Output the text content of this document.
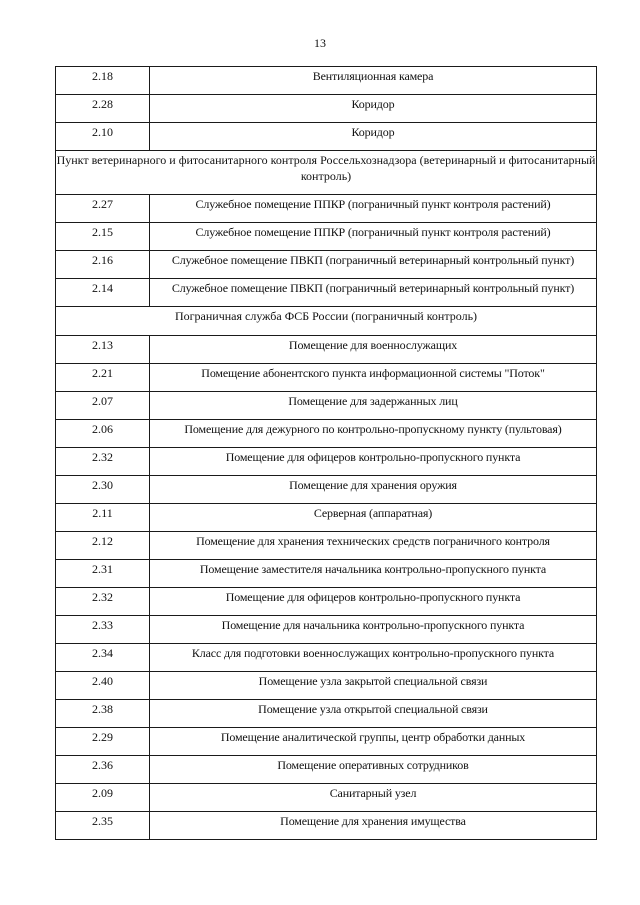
13
2.18	Вентиляционная камера
2.28	Коридор
2.10	Коридор
Пункт ветеринарного и фитосанитарного контроля Россельхознадзора (ветеринарный и фитосанитарный контроль)	
2.27	Служебное помещение ППКР (пограничный пункт контроля растений)
2.15	Служебное помещение ППКР (пограничный пункт контроля растений)
2.16	Служебное помещение ПВКП (пограничный ветеринарный контрольный пункт)
2.14	Служебное помещение ПВКП (пограничный ветеринарный контрольный пункт)
Пограничная служба ФСБ России (пограничный контроль)	
2.13	Помещение для военнослужащих
2.21	Помещение абонентского пункта информационной системы "Поток"
2.07	Помещение для задержанных лиц
2.06	Помещение для дежурного по контрольно-пропускному пункту (пультовая)
2.32	Помещение для офицеров контрольно-пропускного пункта
2.30	Помещение для хранения оружия
2.11	Серверная (аппаратная)
2.12	Помещение для хранения технических средств пограничного контроля
2.31	Помещение заместителя начальника контрольно-пропускного пункта
2.32	Помещение для офицеров контрольно-пропускного пункта
2.33	Помещение для начальника контрольно-пропускного пункта
2.34	Класс для подготовки военнослужащих контрольно-пропускного пункта
2.40	Помещение узла закрытой специальной связи
2.38	Помещение узла открытой специальной связи
2.29	Помещение аналитической группы, центр обработки данных
2.36	Помещение оперативных сотрудников
2.09	Санитарный узел
2.35	Помещение для хранения имущества
